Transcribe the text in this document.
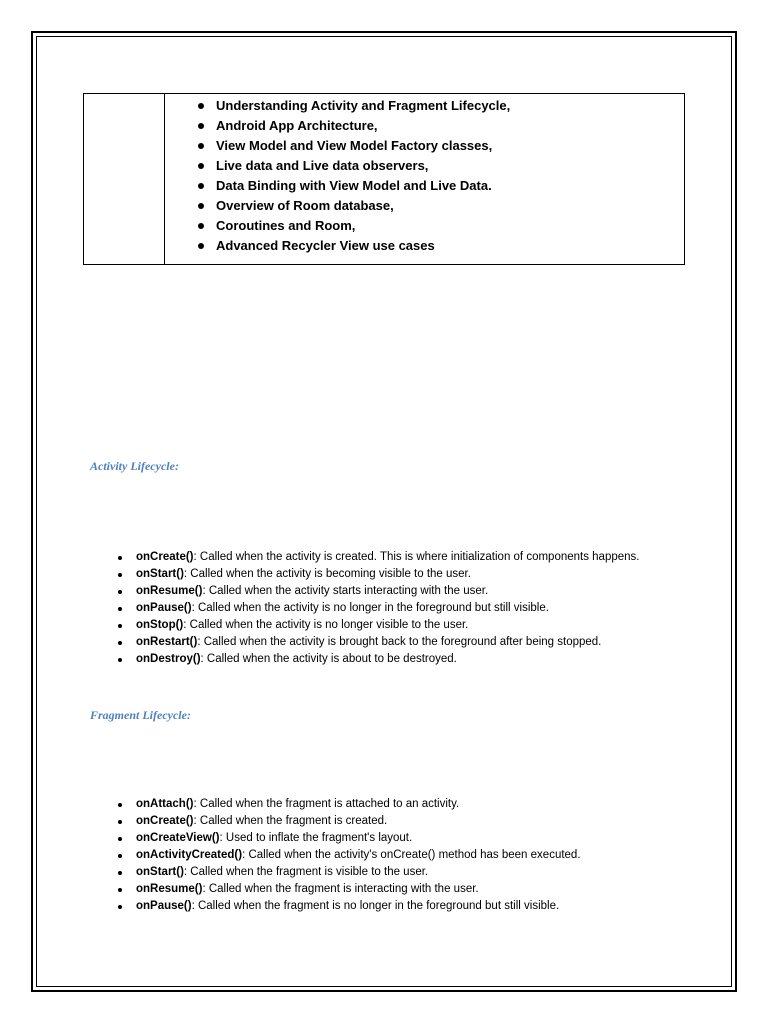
Understanding Activity and Fragment Lifecycle,
Android App Architecture,
View Model and View Model Factory classes,
Live data and Live data observers,
Data Binding with View Model and Live Data.
Overview of Room database,
Coroutines and Room,
Advanced Recycler View use cases
Activity Lifecycle:
onCreate(): Called when the activity is created. This is where initialization of components happens.
onStart(): Called when the activity is becoming visible to the user.
onResume(): Called when the activity starts interacting with the user.
onPause(): Called when the activity is no longer in the foreground but still visible.
onStop(): Called when the activity is no longer visible to the user.
onRestart(): Called when the activity is brought back to the foreground after being stopped.
onDestroy(): Called when the activity is about to be destroyed.
Fragment Lifecycle:
onAttach(): Called when the fragment is attached to an activity.
onCreate(): Called when the fragment is created.
onCreateView(): Used to inflate the fragment's layout.
onActivityCreated(): Called when the activity's onCreate() method has been executed.
onStart(): Called when the fragment is visible to the user.
onResume(): Called when the fragment is interacting with the user.
onPause(): Called when the fragment is no longer in the foreground but still visible.
